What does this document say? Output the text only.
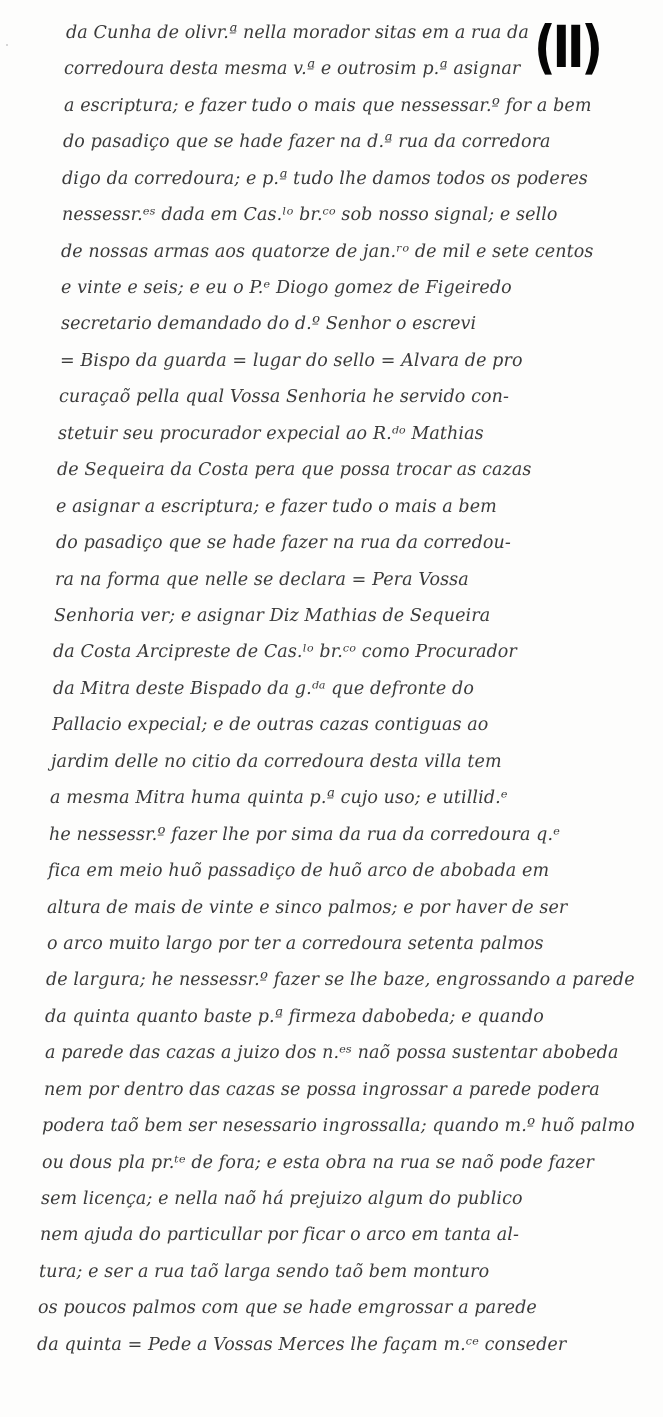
(II)
da Cunha de olivr.ª nella morador sitas em a rua da
corredoura desta mesma v.ª e outrosim p.ª asignar
a escriptura; e fazer tudo o mais que nessessar.º for a bem
do pasadiço que se hade fazer na d.ª rua da corredora
digo da corredoura; e p.ª tudo lhe damos todos os poderes
nessessr.ᵉˢ dada em Cas.ˡᵒ br.ᶜᵒ sob nosso signal; e sello
de nossas armas aos quatorze de jan.ʳᵒ de mil e sete centos
e vinte e seis; e eu o P.ᵉ Diogo gomez de Figeiredo
secretario demandado do d.º Senhor o escrevi
= Bispo da guarda = lugar do sello = Alvara de pro
curaçaõ pella qual Vossa Senhoria he servido con-
stetuir seu procurador expecial ao R.ᵈᵒ Mathias
de Sequeira da Costa pera que possa trocar as cazas
e asignar a escriptura; e fazer tudo o mais a bem
do pasadiço que se hade fazer na rua da corredou-
ra na forma que nelle se declara = Pera Vossa
Senhoria ver; e asignar Diz Mathias de Sequeira
da Costa Arcipreste de Cas.ˡᵒ br.ᶜᵒ como Procurador
da Mitra deste Bispado da g.ᵈᵃ que defronte do
Pallacio expecial; e de outras cazas contiguas ao
jardim delle no citio da corredoura desta villa tem
a mesma Mitra huma quinta p.ª cujo uso; e utillid.ᵉ
he nessessr.º fazer lhe por sima da rua da corredoura q.ᵉ
fica em meio huõ passadiço de huõ arco de abobada em
altura de mais de vinte e sinco palmos; e por haver de ser
o arco muito largo por ter a corredoura setenta palmos
de largura; he nessessr.º fazer se lhe baze, engrossando a parede
da quinta quanto baste p.ª firmeza dabobeda; e quando
a parede das cazas a juizo dos n.ᵉˢ naõ possa sustentar abobeda
nem por dentro das cazas se possa ingrossar a parede podera
podera taõ bem ser nesessario ingrossalla; quando m.º huõ palmo
ou dous pla pr.ᵗᵉ de fora; e esta obra na rua se naõ pode fazer
sem licença; e nella naõ há prejuizo algum do publico
nem ajuda do particullar por ficar o arco em tanta al-
tura; e ser a rua taõ larga sendo taõ bem monturo
os poucos palmos com que se hade emgrossar a parede
da quinta = Pede a Vossas Merces lhe façam m.ᶜᵉ conseder
